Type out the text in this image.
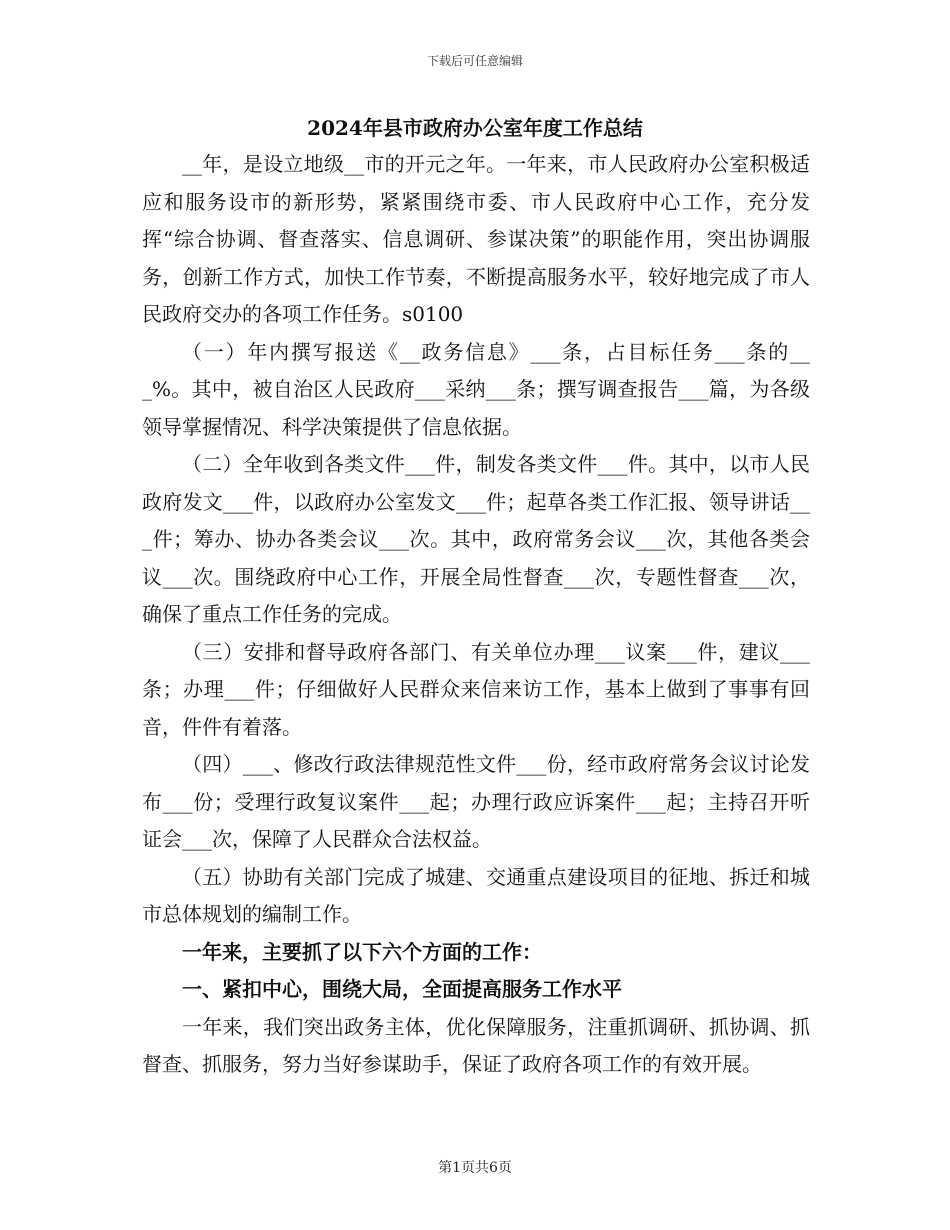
下载后可任意编辑
2024年县市政府办公室年度工作总结

__年，是设立地级__市的开元之年。一年来，市人民政府办公室积极适应和服务设市的新形势，紧紧围绕市委、市人民政府中心工作，充分发挥“综合协调、督查落实、信息调研、参谋决策”的职能作用，突出协调服务，创新工作方式，加快工作节奏，不断提高服务水平，较好地完成了市人民政府交办的各项工作任务。s0100

（一）年内撰写报送《__政务信息》___条，占目标任务___条的___%。其中，被自治区人民政府___采纳___条；撰写调查报告___篇，为各级领导掌握情况、科学决策提供了信息依据。

（二）全年收到各类文件___件，制发各类文件___件。其中，以市人民政府发文___件，以政府办公室发文___件；起草各类工作汇报、领导讲话___件；筹办、协办各类会议___次。其中，政府常务会议___次，其他各类会议___次。围绕政府中心工作，开展全局性督查___次，专题性督查___次，确保了重点工作任务的完成。

（三）安排和督导政府各部门、有关单位办理___议案___件，建议___条；办理___件；仔细做好人民群众来信来访工作，基本上做到了事事有回音，件件有着落。

（四）___、修改行政法律规范性文件___份，经市政府常务会议讨论发布___份；受理行政复议案件___起；办理行政应诉案件___起；主持召开听证会___次，保障了人民群众合法权益。

（五）协助有关部门完成了城建、交通重点建设项目的征地、拆迁和城市总体规划的编制工作。

一年来，主要抓了以下六个方面的工作：

一、紧扣中心，围绕大局，全面提高服务工作水平

一年来，我们突出政务主体，优化保障服务，注重抓调研、抓协调、抓督查、抓服务，努力当好参谋助手，保证了政府各项工作的有效开展。

第1页共6页
